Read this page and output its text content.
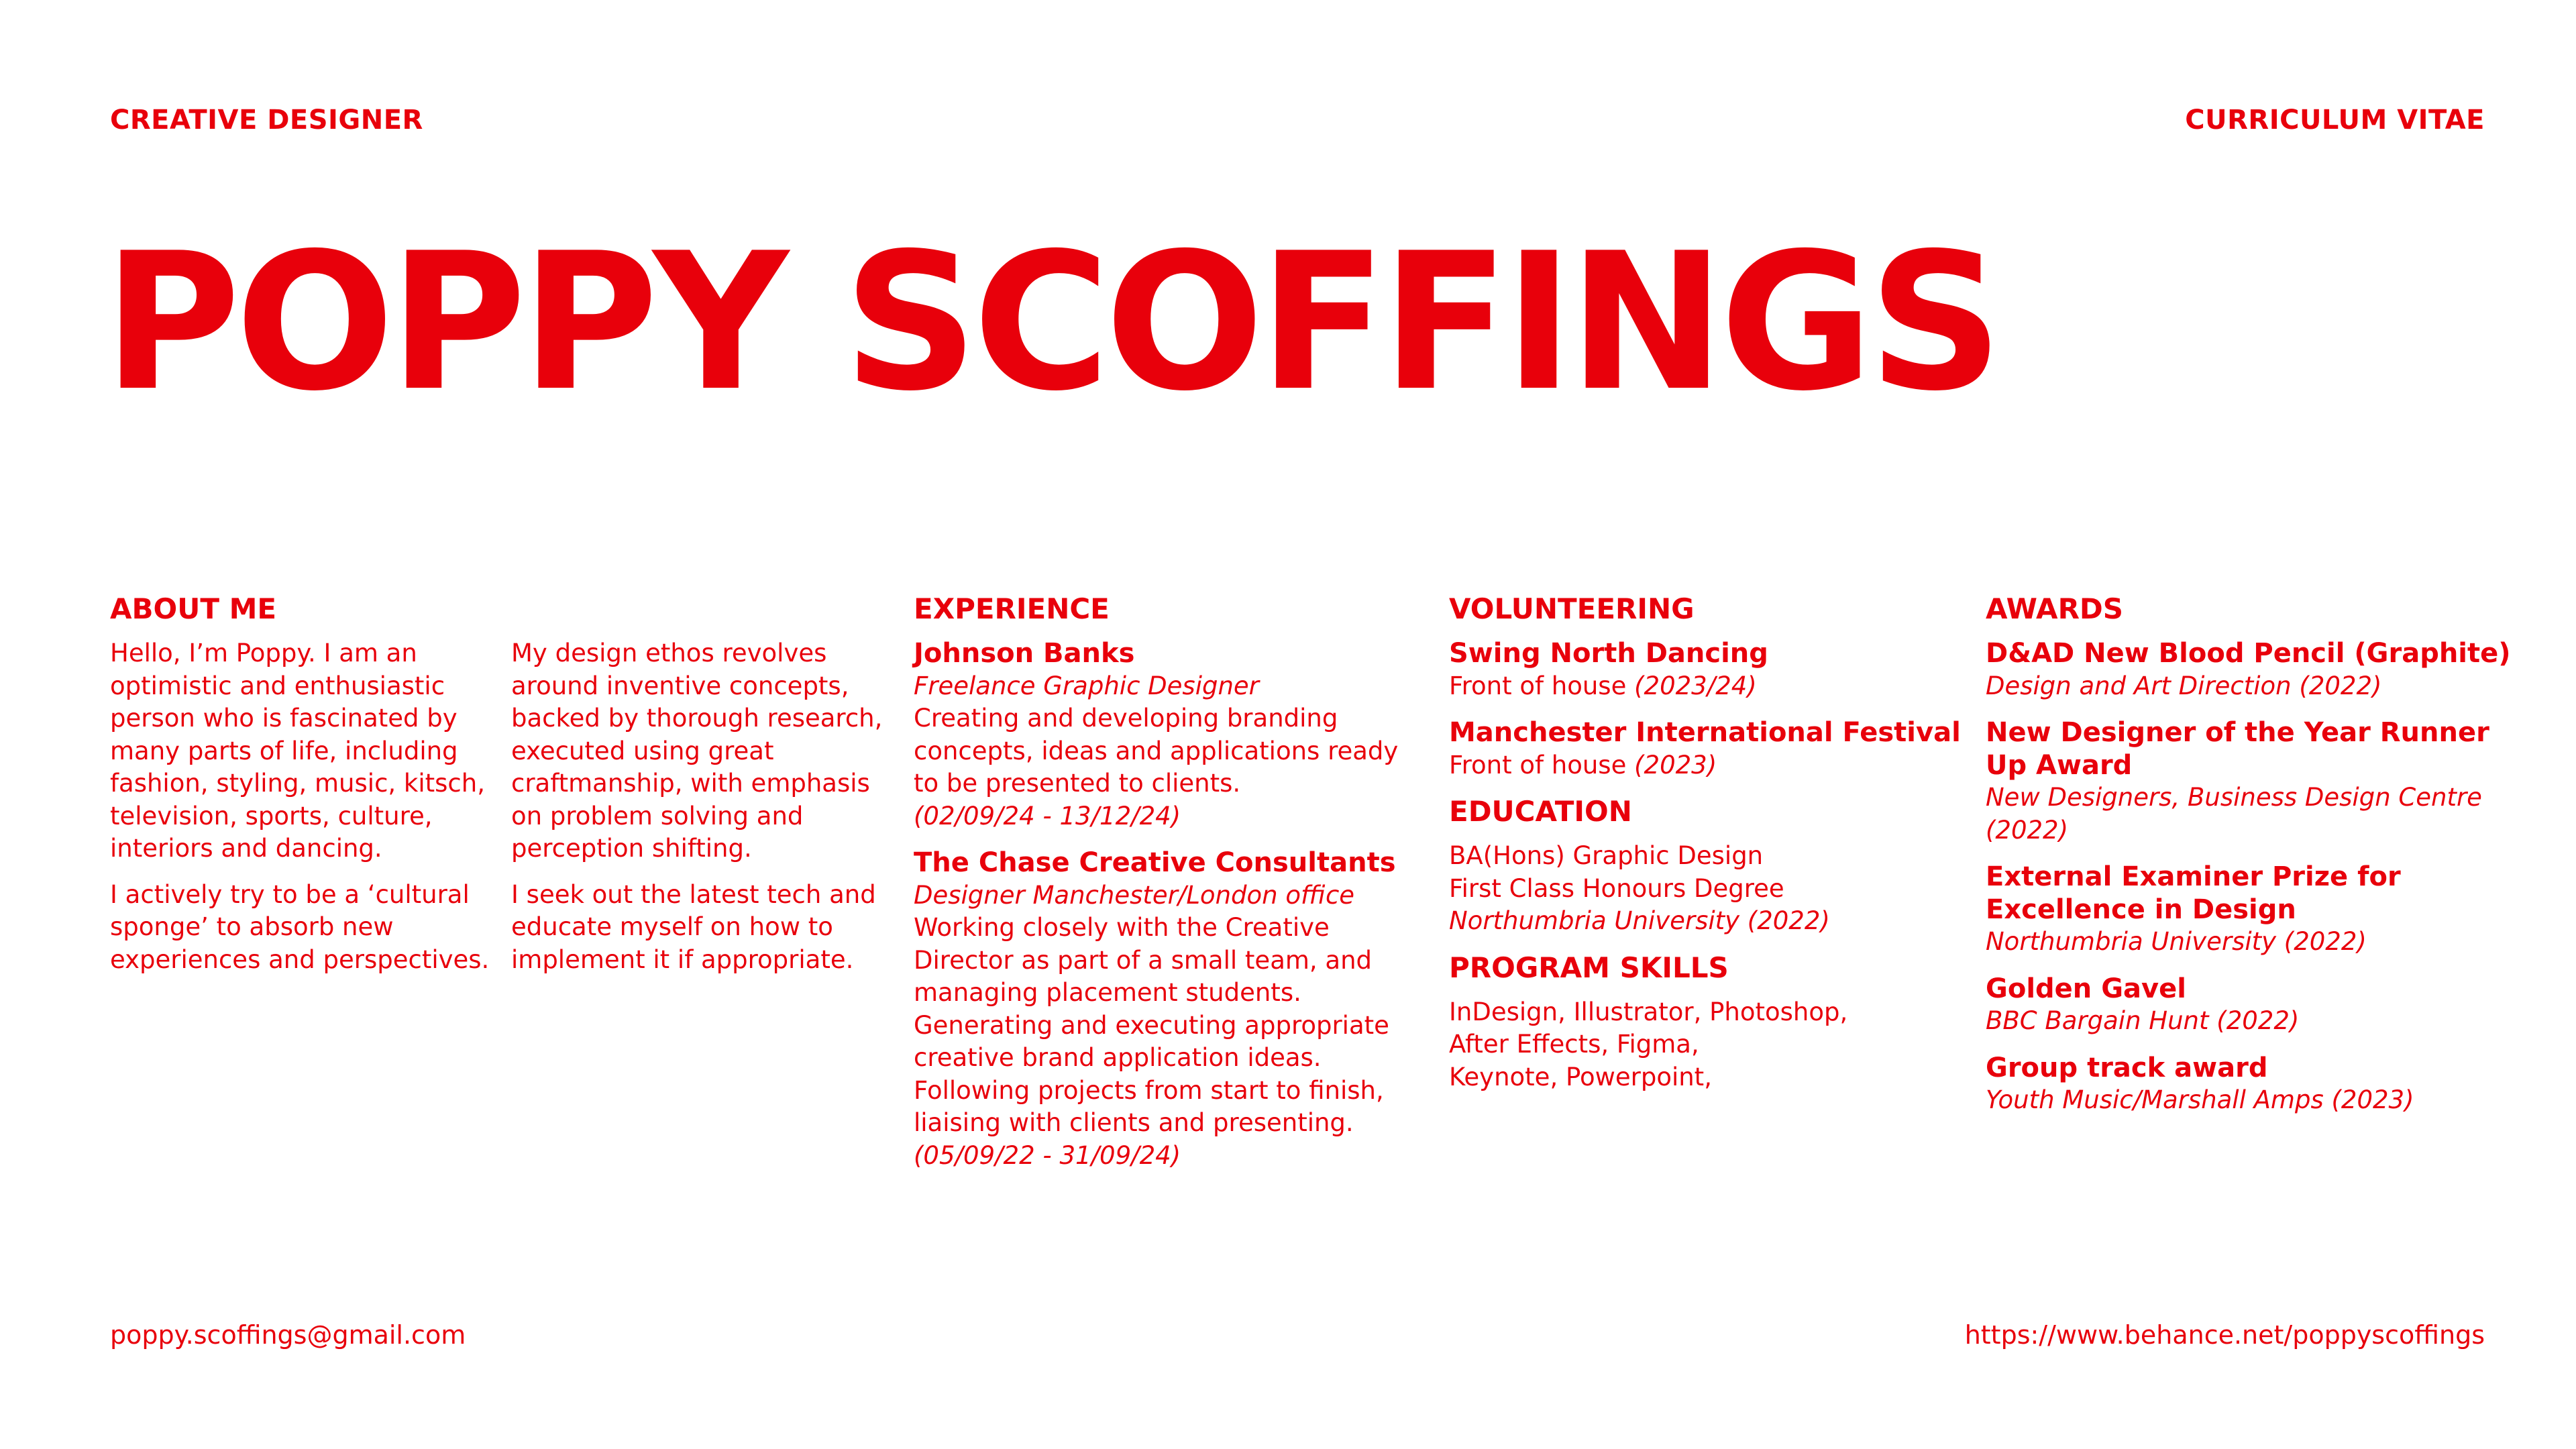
CREATIVE DESIGNER	CURRICULUM VITAE
POPPY SCOFFINGS
ABOUT ME

Hello, I’m Poppy. I am an optimistic and enthusiastic person who is fascinated by many parts of life, including fashion, styling, music, kitsch, television, sports, culture, interiors and dancing.

I actively try to be a ‘cultural sponge’ to absorb new experiences and perspectives.

My design ethos revolves around inventive concepts, backed by thorough research, executed using great craftmanship, with emphasis on problem solving and perception shifting.

I seek out the latest tech and educate myself on how to implement it if appropriate.

EXPERIENCE
Johnson Banks
Freelance Graphic Designer
Creating and developing branding concepts, ideas and applications ready to be presented to clients.
(02/09/24 - 13/12/24)
The Chase Creative Consultants
Designer Manchester/London office
Working closely with the Creative Director as part of a small team, and managing placement students. Generating and executing appropriate creative brand application ideas. Following projects from start to finish, liaising with clients and presenting.
(05/09/22 - 31/09/24)
VOLUNTEERING
Swing North Dancing
Front of house (2023/24)
Manchester International Festival
Front of house (2023)
EDUCATION
BA(Hons) Graphic Design
First Class Honours Degree
Northumbria University (2022)
PROGRAM SKILLS
InDesign, Illustrator, Photoshop,
After Effects, Figma,
Keynote, Powerpoint,
AWARDS
D&AD New Blood Pencil (Graphite)
Design and Art Direction (2022)
New Designer of the Year Runner Up Award
New Designers, Business Design Centre (2022)
External Examiner Prize for Excellence in Design
Northumbria University (2022)
Golden Gavel
BBC Bargain Hunt (2022)
Group track award
Youth Music/Marshall Amps (2023)
poppy.scoffings@gmail.com	https://www.behance.net/poppyscoffings
